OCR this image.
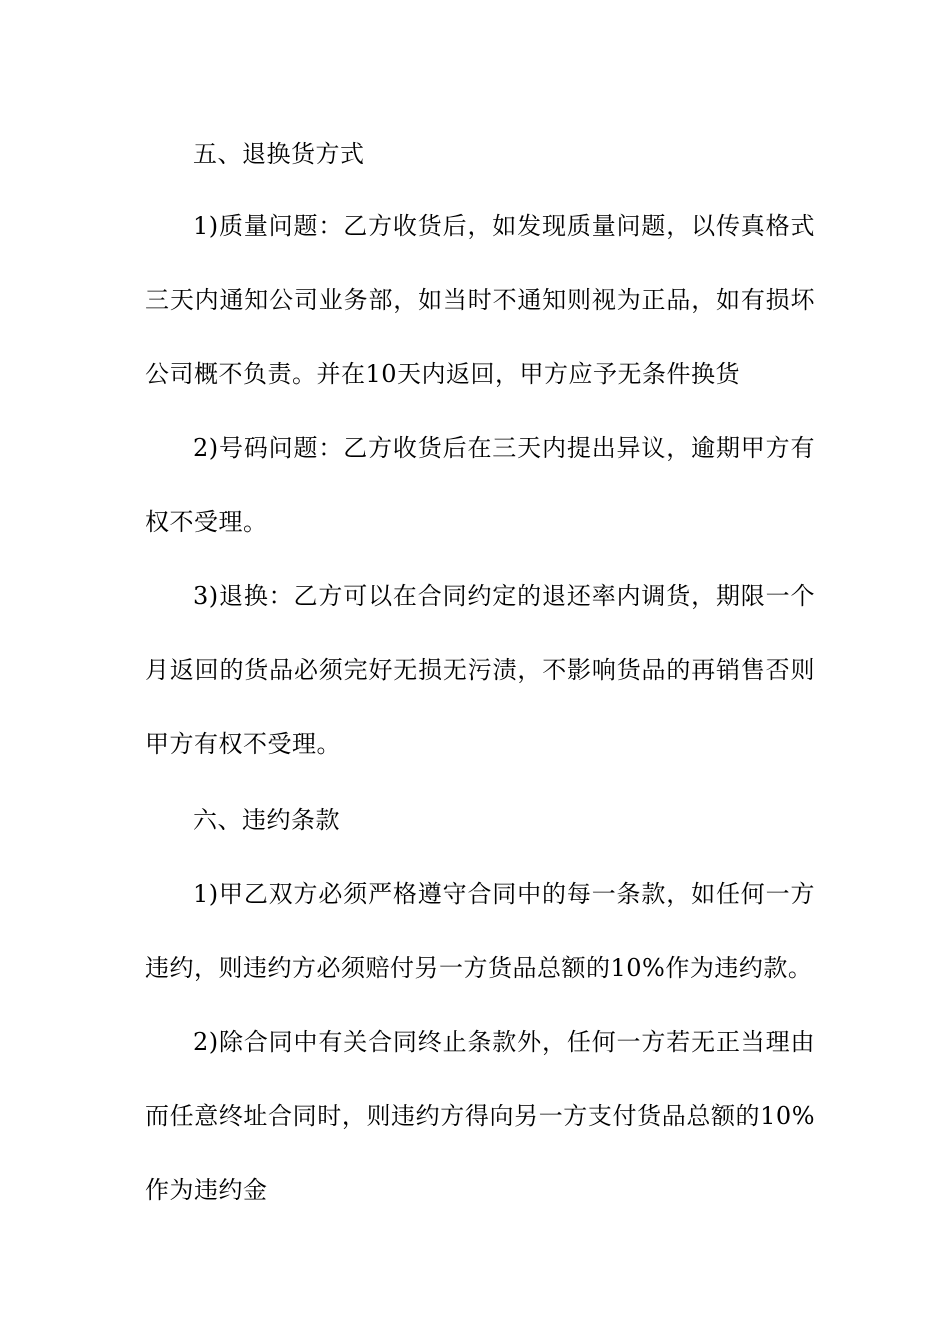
五、退换货方式
1)质量问题：乙方收货后，如发现质量问题，以传真格式
三天内通知公司业务部，如当时不通知则视为正品，如有损坏
公司概不负责。并在10天内返回，甲方应予无条件换货
2)号码问题：乙方收货后在三天内提出异议，逾期甲方有
权不受理。
3)退换：乙方可以在合同约定的退还率内调货，期限一个
月返回的货品必须完好无损无污渍，不影响货品的再销售否则
甲方有权不受理。
六、违约条款
1)甲乙双方必须严格遵守合同中的每一条款，如任何一方
违约，则违约方必须赔付另一方货品总额的10%作为违约款。
2)除合同中有关合同终止条款外，任何一方若无正当理由
而任意终址合同时，则违约方得向另一方支付货品总额的10%
作为违约金
